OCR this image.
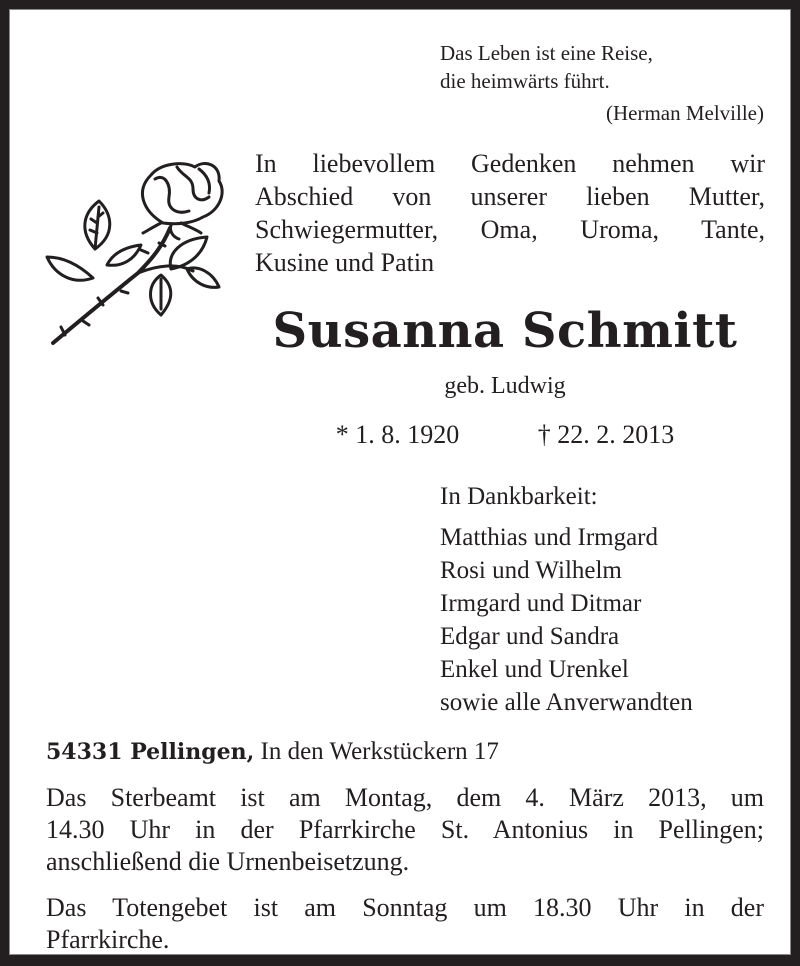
Das Leben ist eine Reise,
die heimwärts führt.
(Herman Melville)
In liebevollem Gedenken nehmen wir
Abschied von unserer lieben Mutter,
Schwiegermutter, Oma, Uroma, Tante,
Kusine und Patin
Susanna Schmitt
geb. Ludwig
* 1. 8. 1920	† 22. 2. 2013
In Dankbarkeit:
Matthias und Irmgard
Rosi und Wilhelm
Irmgard und Ditmar
Edgar und Sandra
Enkel und Urenkel
sowie alle Anverwandten
54331 Pellingen, In den Werkstückern 17
Das Sterbeamt ist am Montag, dem 4. März 2013, um
14.30 Uhr in der Pfarrkirche St. Antonius in Pellingen;
anschließend die Urnenbeisetzung.
Das Totengebet ist am Sonntag um 18.30 Uhr in der
Pfarrkirche.
